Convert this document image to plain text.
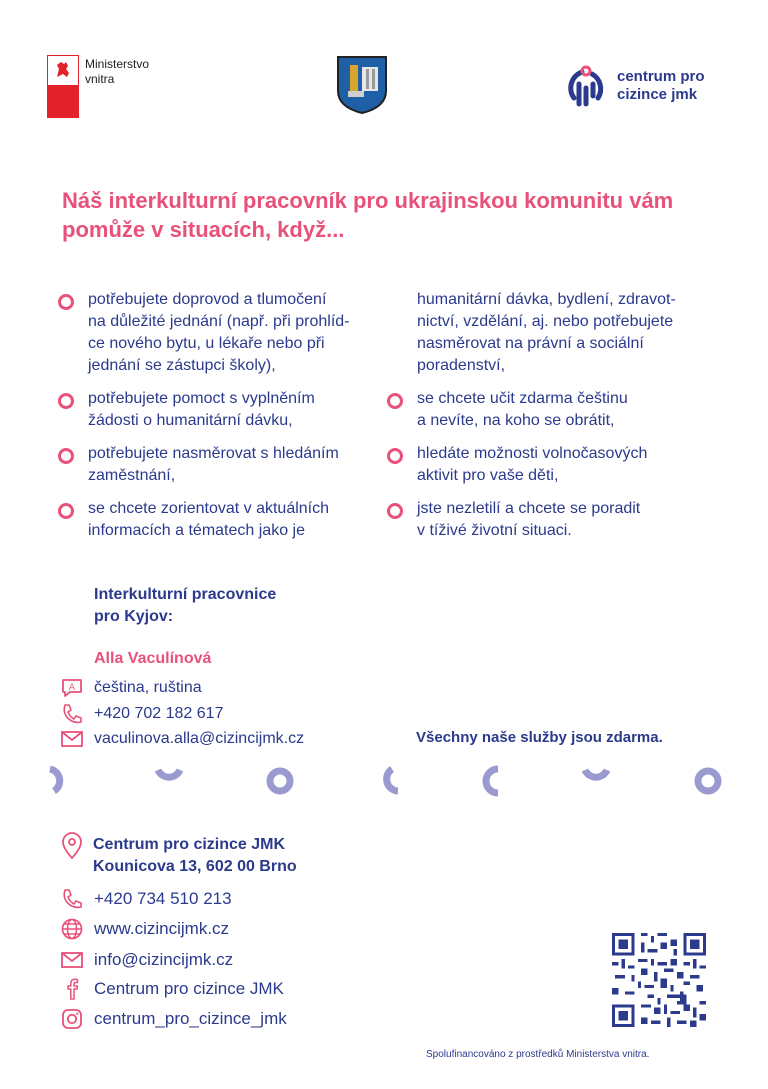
Ministerstvo
vnitra	centrum pro
cizince jmk
Náš interkulturní pracovník pro ukrajinskou komunitu vám pomůže v situacích, když...
potřebujete doprovod a tlumočení
na důležité jednání (např. při prohlíd-
ce nového bytu, u lékaře nebo při
jednání se zástupci školy),
potřebujete pomoct s vyplněním
žádosti o humanitární dávku,
potřebujete nasměrovat s hledáním
zaměstnání,
se chcete zorientovat v aktuálních
informacích a tématech jako je
humanitární dávka, bydlení, zdravot-
nictví, vzdělání, aj. nebo potřebujete
nasměrovat na právní a sociální
poradenství,
se chcete učit zdarma češtinu
a nevíte, na koho se obrátit,
hledáte možnosti volnočasových
aktivit pro vaše děti,
jste nezletilí a chcete se poradit
v tíživé životní situaci.
Interkulturní pracovnice
pro Kyjov:
Alla Vaculínová
A čeština, ruština
+420 702 182 617
vaculinova.alla@cizincijmk.cz	Všechny naše služby jsou zdarma.
Centrum pro cizince JMK
Kounicova 13, 602 00 Brno
+420 734 510 213
www.cizincijmk.cz
info@cizincijmk.cz
Centrum pro cizince JMK
centrum_pro_cizince_jmk
Spolufinancováno z prostředků Ministerstva vnitra.
